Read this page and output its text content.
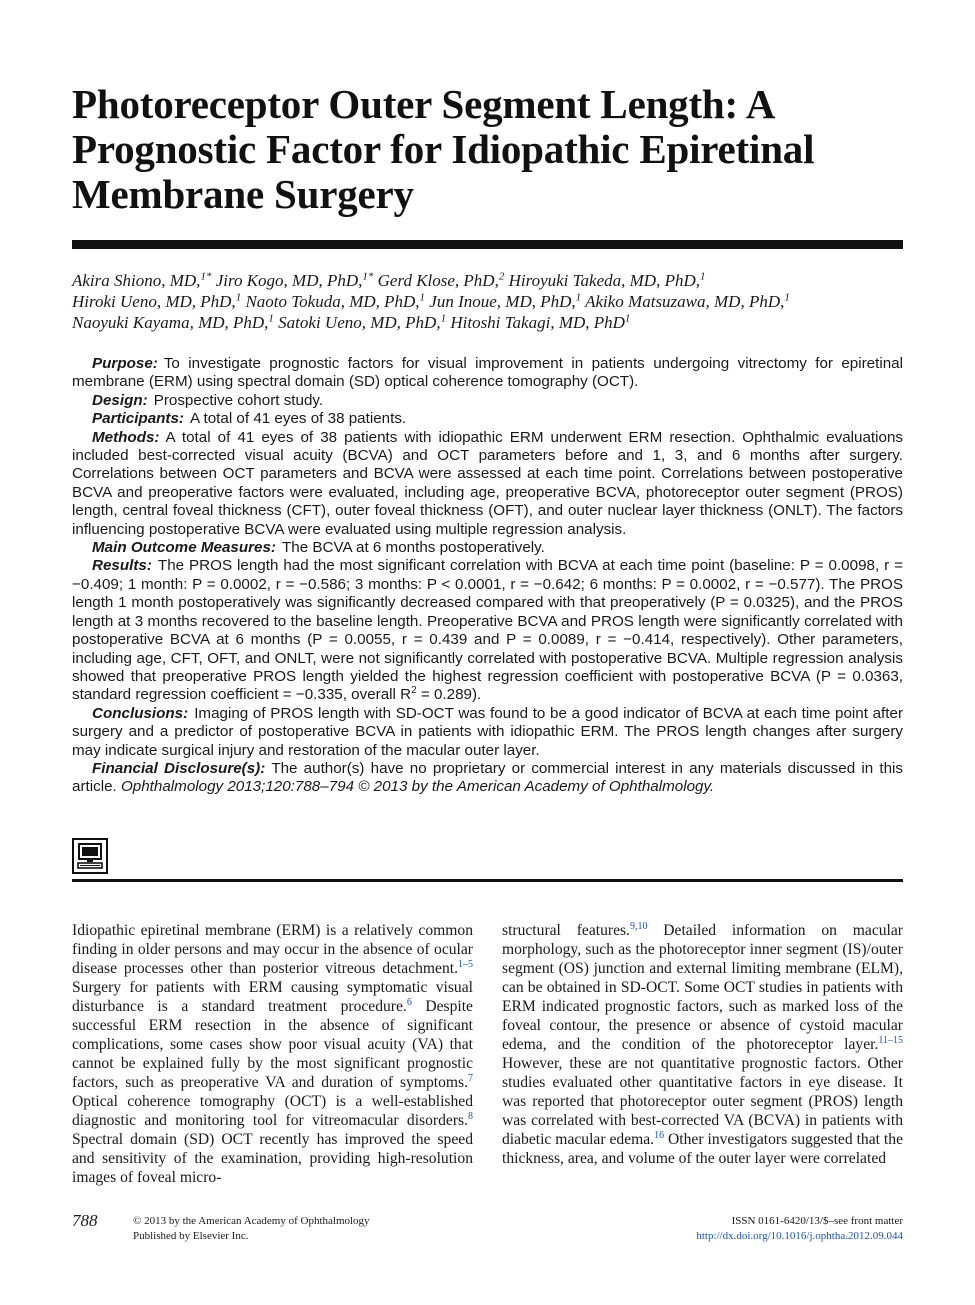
Photoreceptor Outer Segment Length: A Prognostic Factor for Idiopathic Epiretinal Membrane Surgery
Akira Shiono, MD,$^{1*}$ Jiro Kogo, MD, PhD,$^{1*}$ Gerd Klose, PhD,$^2$ Hiroyuki Takeda, MD, PhD,$^1$
Hiroki Ueno, MD, PhD,$^1$ Naoto Tokuda, MD, PhD,$^1$ Jun Inoue, MD, PhD,$^1$ Akiko Matsuzawa, MD, PhD,$^1$
Naoyuki Kayama, MD, PhD,$^1$ Satoki Ueno, MD, PhD,$^1$ Hitoshi Takagi, MD, PhD$^1$

Purpose: To investigate prognostic factors for visual improvement in patients undergoing vitrectomy for epiretinal membrane (ERM) using spectral domain (SD) optical coherence tomography (OCT).

Design: Prospective cohort study.

Participants: A total of 41 eyes of 38 patients.

Methods: A total of 41 eyes of 38 patients with idiopathic ERM underwent ERM resection. Ophthalmic evaluations included best-corrected visual acuity (BCVA) and OCT parameters before and 1, 3, and 6 months after surgery. Correlations between OCT parameters and BCVA were assessed at each time point. Correlations between postoperative BCVA and preoperative factors were evaluated, including age, preoperative BCVA, photoreceptor outer segment (PROS) length, central foveal thickness (CFT), outer foveal thickness (OFT), and outer nuclear layer thickness (ONLT). The factors influencing postoperative BCVA were evaluated using multiple regression analysis.

Main Outcome Measures: The BCVA at 6 months postoperatively.

Results: The PROS length had the most significant correlation with BCVA at each time point (baseline: P = 0.0098, r = −0.409; 1 month: P = 0.0002, r = −0.586; 3 months: P < 0.0001, r = −0.642; 6 months: P = 0.0002, r = −0.577). The PROS length 1 month postoperatively was significantly decreased compared with that preoperatively (P = 0.0325), and the PROS length at 3 months recovered to the baseline length. Preoperative BCVA and PROS length were significantly correlated with postoperative BCVA at 6 months (P = 0.0055, r = 0.439 and P = 0.0089, r = −0.414, respectively). Other parameters, including age, CFT, OFT, and ONLT, were not significantly correlated with postoperative BCVA. Multiple regression analysis showed that preoperative PROS length yielded the highest regression coefficient with postoperative BCVA (P = 0.0363, standard regression coefficient = −0.335, overall $R^2 = 0.289$).

Conclusions: Imaging of PROS length with SD-OCT was found to be a good indicator of BCVA at each time point after surgery and a predictor of postoperative BCVA in patients with idiopathic ERM. The PROS length changes after surgery may indicate surgical injury and restoration of the macular outer layer.

Financial Disclosure(s): The author(s) have no proprietary or commercial interest in any materials discussed in this article. Ophthalmology 2013;120:788–794 © 2013 by the American Academy of Ophthalmology.

Idiopathic epiretinal membrane (ERM) is a relatively common finding in older persons and may occur in the absence of ocular disease processes other than posterior vitreous detachment.$^{1-5}$ Surgery for patients with ERM causing symptomatic visual disturbance is a standard treatment procedure.$^6$ Despite successful ERM resection in the absence of significant complications, some cases show poor visual acuity (VA) that cannot be explained fully by the most significant prognostic factors, such as preoperative VA and duration of symptoms.$^7$ Optical coherence tomography (OCT) is a well-established diagnostic and monitoring tool for vitreomacular disorders.$^8$ Spectral domain (SD) OCT recently has improved the speed and sensitivity of the examination, providing high-resolution images of foveal micro-

structural features.$^{9,10}$ Detailed information on macular morphology, such as the photoreceptor inner segment (IS)/outer segment (OS) junction and external limiting membrane (ELM), can be obtained in SD-OCT. Some OCT studies in patients with ERM indicated prognostic factors, such as marked loss of the foveal contour, the presence or absence of cystoid macular edema, and the condition of the photoreceptor layer.$^{11-15}$ However, these are not quantitative prognostic factors. Other studies evaluated other quantitative factors in eye disease. It was reported that photoreceptor outer segment (PROS) length was correlated with best-corrected VA (BCVA) in patients with diabetic macular edema.$^{16}$ Other investigators suggested that the thickness, area, and volume of the outer layer were correlated

788	© 2013 by the American Academy of Ophthalmology
Published by Elsevier Inc.
ISSN 0161-6420/13/$–see front matter
http://dx.doi.org/10.1016/j.ophtha.2012.09.044
